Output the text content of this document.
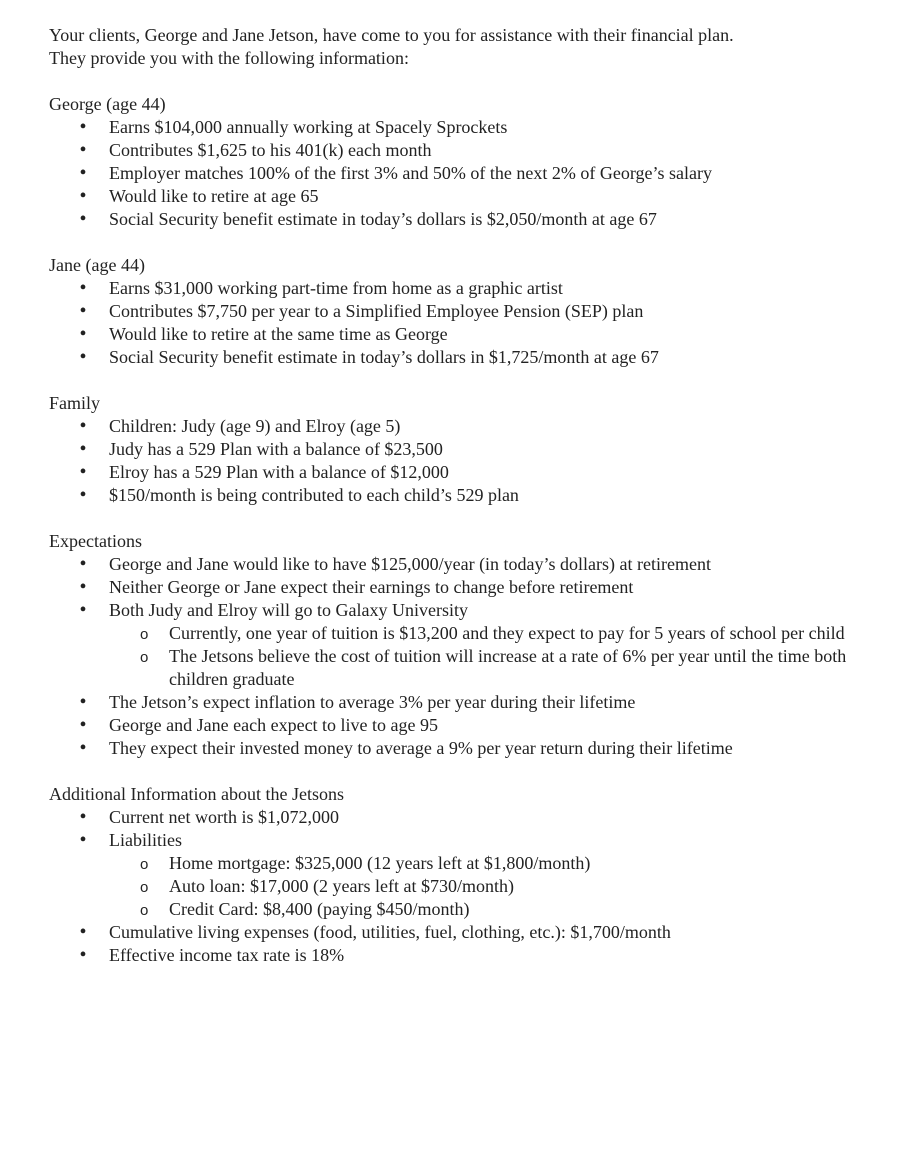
Your clients, George and Jane Jetson, have come to you for assistance with their financial plan.

They provide you with the following information:

George (age 44)

• Earns $104,000 annually working at Spacely Sprockets
• Contributes $1,625 to his 401(k) each month
• Employer matches 100% of the first 3% and 50% of the next 2% of George’s salary
• Would like to retire at age 65
• Social Security benefit estimate in today’s dollars is $2,050/month at age 67

Jane (age 44)

• Earns $31,000 working part-time from home as a graphic artist
• Contributes $7,750 per year to a Simplified Employee Pension (SEP) plan
• Would like to retire at the same time as George
• Social Security benefit estimate in today’s dollars in $1,725/month at age 67

Family

• Children: Judy (age 9) and Elroy (age 5)
• Judy has a 529 Plan with a balance of $23,500
• Elroy has a 529 Plan with a balance of $12,000
• $150/month is being contributed to each child’s 529 plan

Expectations

• George and Jane would like to have $125,000/year (in today’s dollars) at retirement
• Neither George or Jane expect their earnings to change before retirement
• Both Judy and Elroy will go to Galaxy University
o Currently, one year of tuition is $13,200 and they expect to pay for 5 years of school per child
o The Jetsons believe the cost of tuition will increase at a rate of 6% per year until the time both children graduate
• The Jetson’s expect inflation to average 3% per year during their lifetime
• George and Jane each expect to live to age 95
• They expect their invested money to average a 9% per year return during their lifetime

Additional Information about the Jetsons

• Current net worth is $1,072,000
• Liabilities
o Home mortgage: $325,000 (12 years left at $1,800/month)
o Auto loan: $17,000 (2 years left at $730/month)
o Credit Card: $8,400 (paying $450/month)
• Cumulative living expenses (food, utilities, fuel, clothing, etc.): $1,700/month
• Effective income tax rate is 18%
